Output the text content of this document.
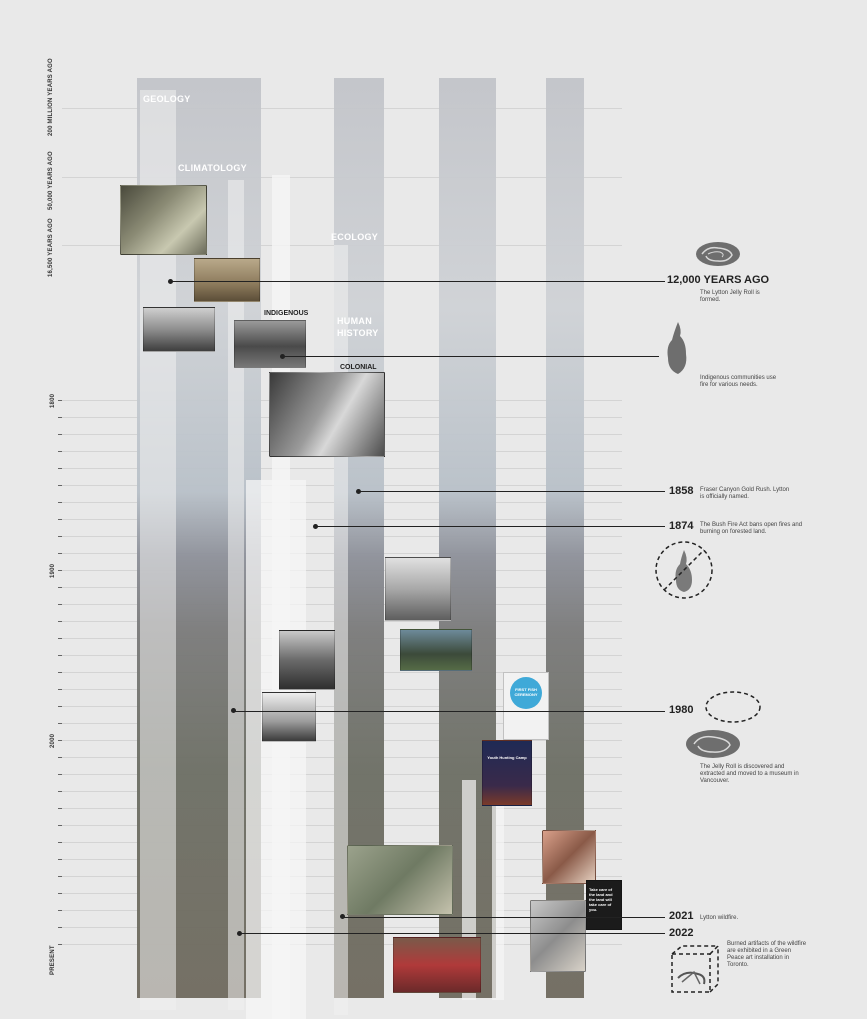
200 MILLION YEARS AGO
50,000 YEARS AGO
16,500 YEARS AGO
1800
1900
2000
PRESENT
GEOLOGY
CLIMATOLOGY
ECOLOGY
HUMAN HISTORY
INDIGENOUS
COLONIAL
FIRST FISH CEREMONY
Youth Hunting Camp
Take care of the land and the land will take care of you.
12,000 YEARS AGO
The Lytton Jelly Roll is formed.
Indigenous communities use fire for various needs.
1858 Fraser Canyon Gold Rush. Lytton is officially named.
1874 The Bush Fire Act bans open fires and burning on forested land.
1980
The Jelly Roll is discovered and extracted and moved to a museum in Vancouver.
2021 Lytton wildfire.
2022
Burned artifacts of the wildfire are exhibited in a Green Peace art installation in Toronto.
